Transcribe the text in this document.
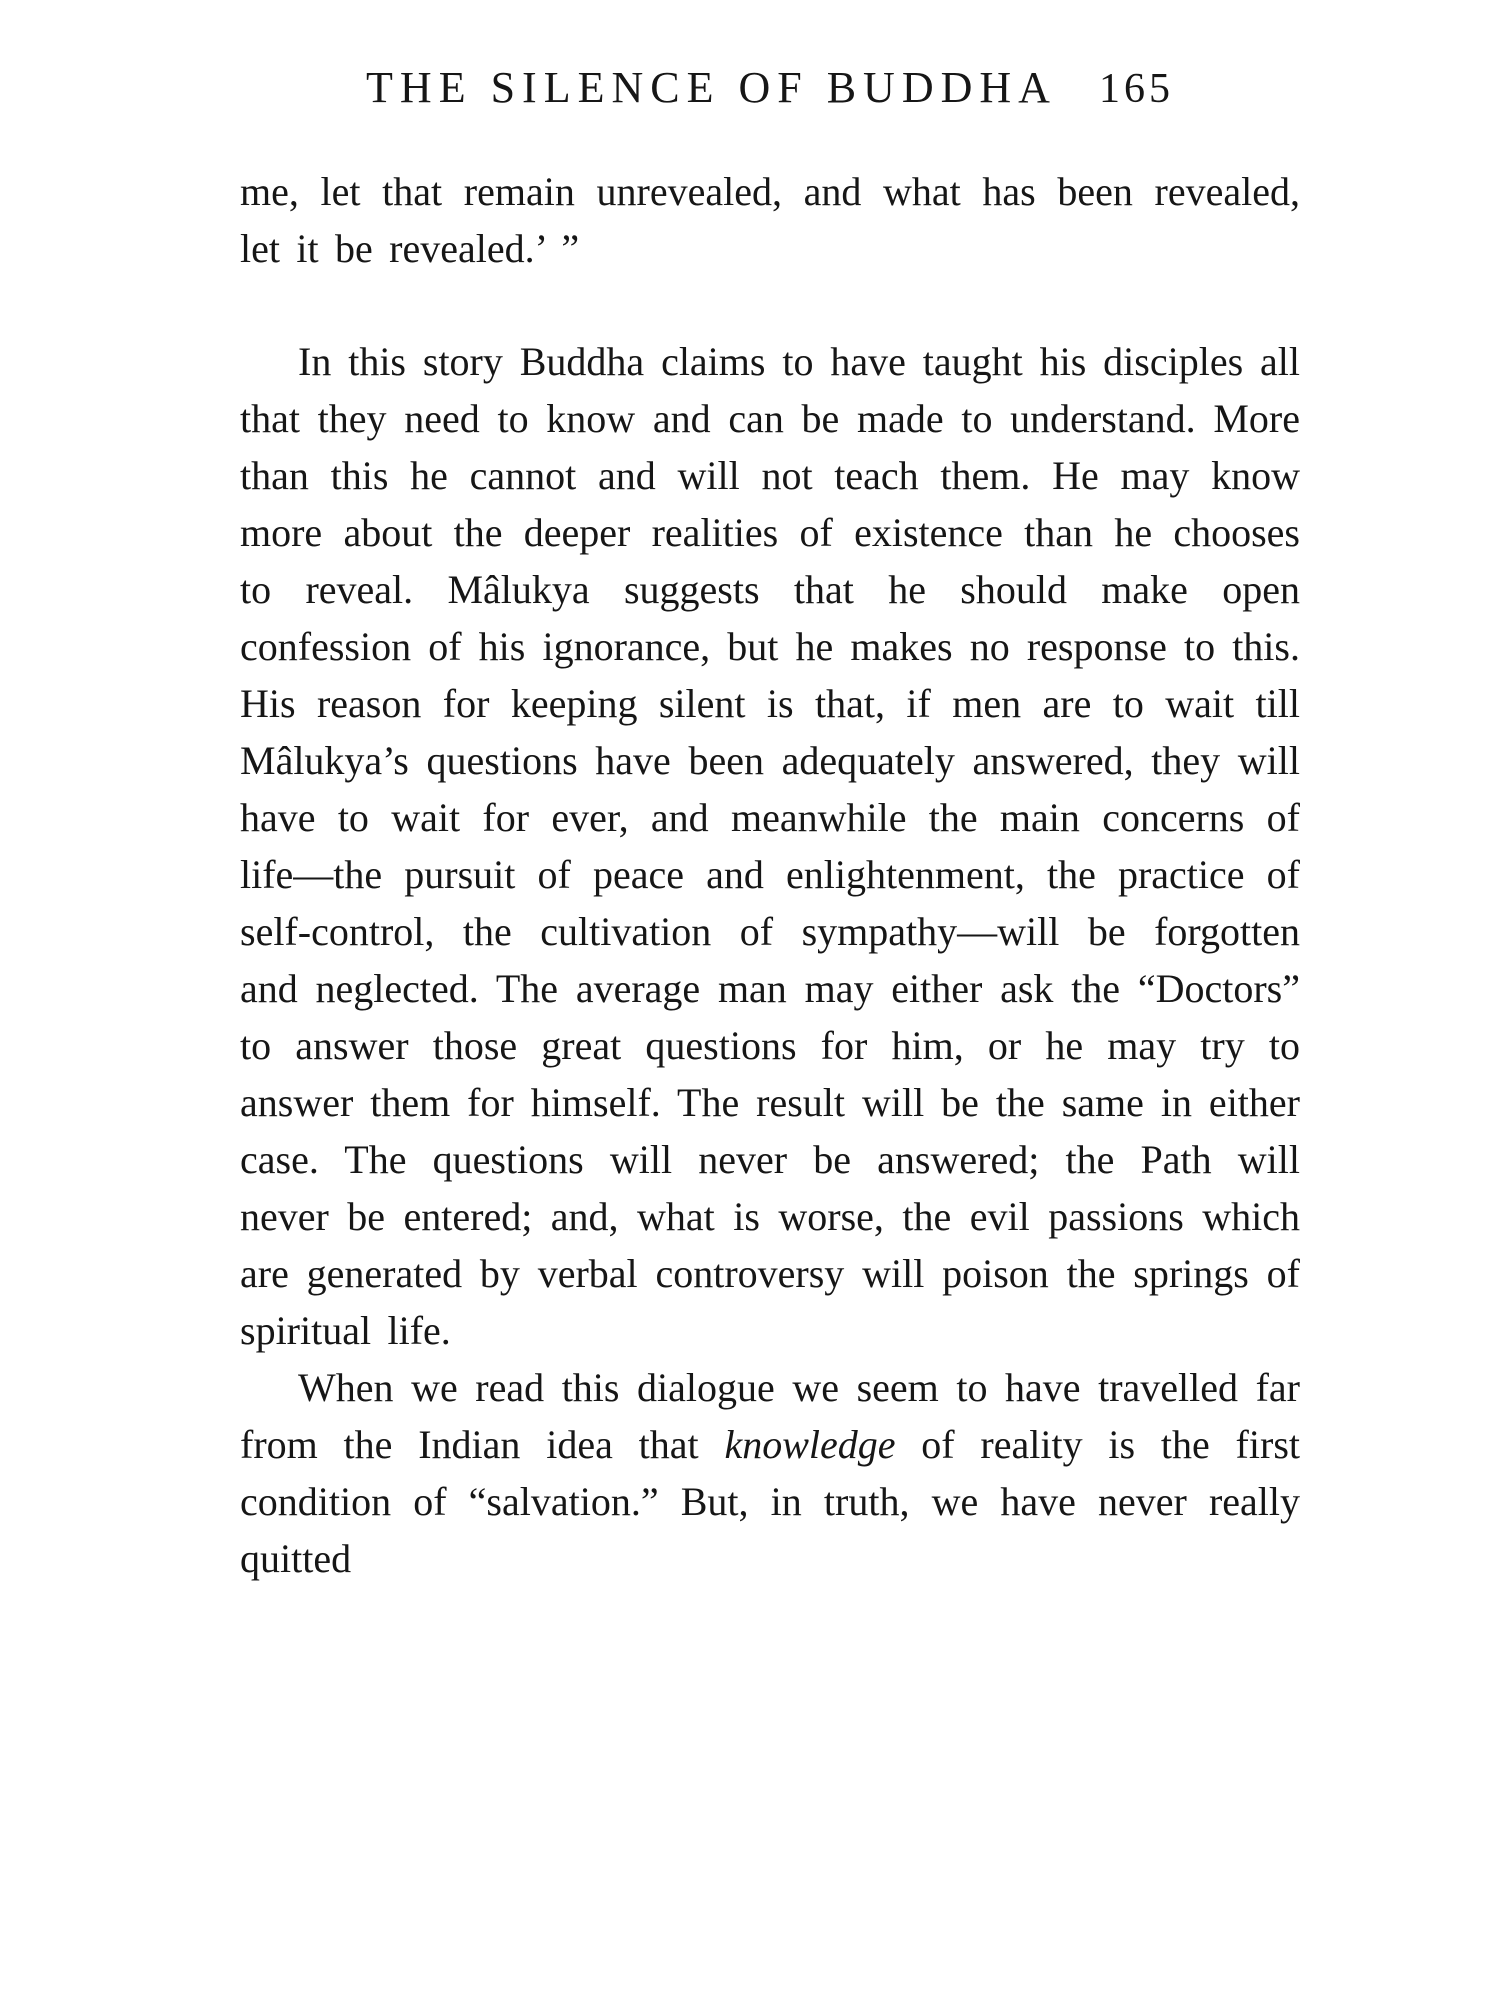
THE SILENCE OF BUDDHA 165

me, let that remain unrevealed, and what has been revealed, let it be revealed.’ ”

In this story Buddha claims to have taught his disciples all that they need to know and can be made to understand. More than this he cannot and will not teach them. He may know more about the deeper realities of existence than he chooses to reveal. Mâlukya suggests that he should make open confession of his ignorance, but he makes no response to this. His reason for keeping silent is that, if men are to wait till Mâlukya’s questions have been adequately answered, they will have to wait for ever, and meanwhile the main concerns of life—the pursuit of peace and enlightenment, the practice of self-control, the cultivation of sympathy—will be forgotten and neglected. The average man may either ask the “Doctors” to answer those great questions for him, or he may try to answer them for himself. The result will be the same in either case. The questions will never be answered; the Path will never be entered; and, what is worse, the evil passions which are generated by verbal controversy will poison the springs of spiritual life.

When we read this dialogue we seem to have travelled far from the Indian idea that knowledge of reality is the first condition of “salvation.” But, in truth, we have never really quitted
